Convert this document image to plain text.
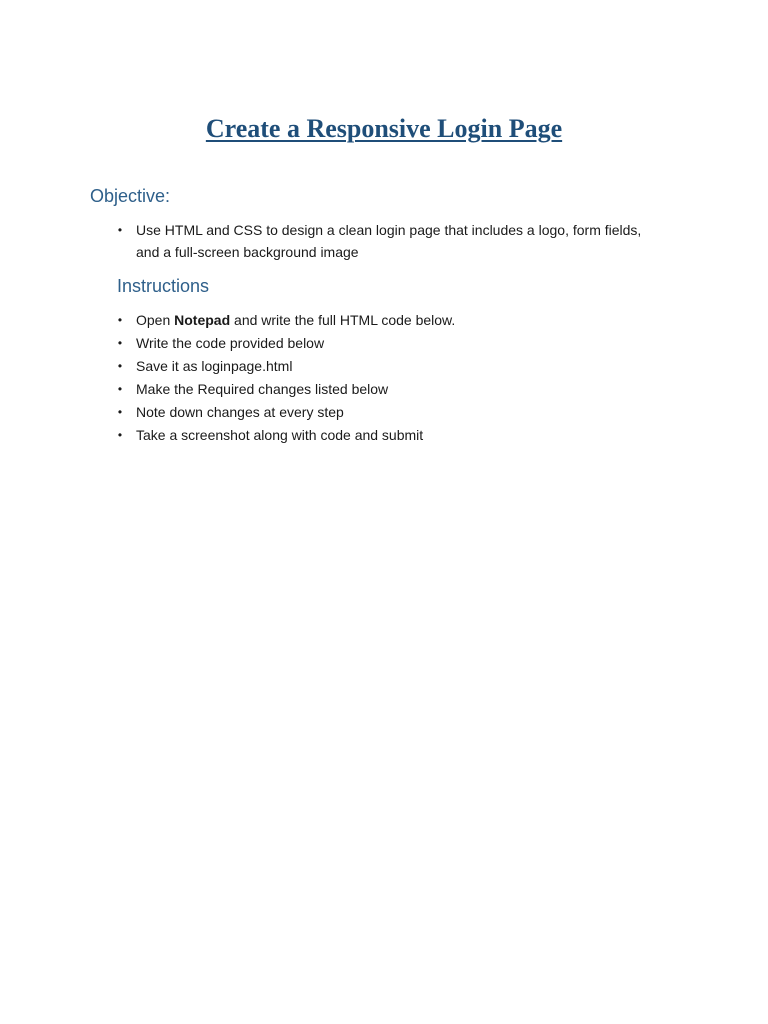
Create a Responsive Login Page
Objective:
• Use HTML and CSS to design a clean login page that includes a logo, form fields, and a full-screen background image
Instructions
• Open Notepad and write the full HTML code below.
• Write the code provided below
• Save it as loginpage.html
• Make the Required changes listed below
• Note down changes at every step
• Take a screenshot along with code and submit
